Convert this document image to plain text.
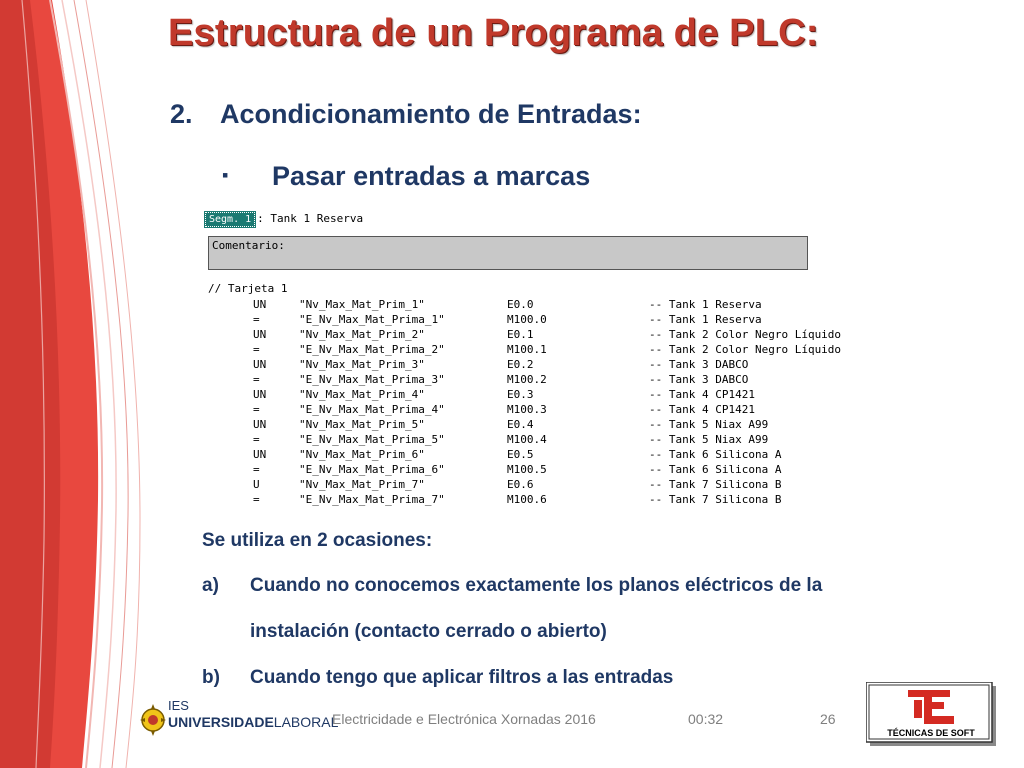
Estructura de un Programa de PLC:
2. Acondicionamiento de Entradas:
▪ Pasar entradas a marcas
Segm. 1 : Tank 1 Reserva
Comentario:
// Tarjeta 1
UN	"Nv_Max_Mat_Prim_1"	E0.0	-- Tank 1 Reserva
=	"E_Nv_Max_Mat_Prima_1"	M100.0	-- Tank 1 Reserva
UN	"Nv_Max_Mat_Prim_2"	E0.1	-- Tank 2 Color Negro Líquido
=	"E_Nv_Max_Mat_Prima_2"	M100.1	-- Tank 2 Color Negro Líquido
UN	"Nv_Max_Mat_Prim_3"	E0.2	-- Tank 3 DABCO
=	"E_Nv_Max_Mat_Prima_3"	M100.2	-- Tank 3 DABCO
UN	"Nv_Max_Mat_Prim_4"	E0.3	-- Tank 4 CP1421
=	"E_Nv_Max_Mat_Prima_4"	M100.3	-- Tank 4 CP1421
UN	"Nv_Max_Mat_Prim_5"	E0.4	-- Tank 5 Niax A99
=	"E_Nv_Max_Mat_Prima_5"	M100.4	-- Tank 5 Niax A99
UN	"Nv_Max_Mat_Prim_6"	E0.5	-- Tank 6 Silicona A
=	"E_Nv_Max_Mat_Prima_6"	M100.5	-- Tank 6 Silicona A
U	"Nv_Max_Mat_Prim_7"	E0.6	-- Tank 7 Silicona B
=	"E_Nv_Max_Mat_Prima_7"	M100.6	-- Tank 7 Silicona B
Se utiliza en 2 ocasiones:
a) Cuando no conocemos exactamente los planos eléctricos de la
instalación (contacto cerrado o abierto)
b) Cuando tengo que aplicar filtros a las entradas
IES
UNIVERSIDADELABORAL
Electricidade e Electrónica Xornadas 2016	00:32	26
TÉCNICAS DE SOFT
